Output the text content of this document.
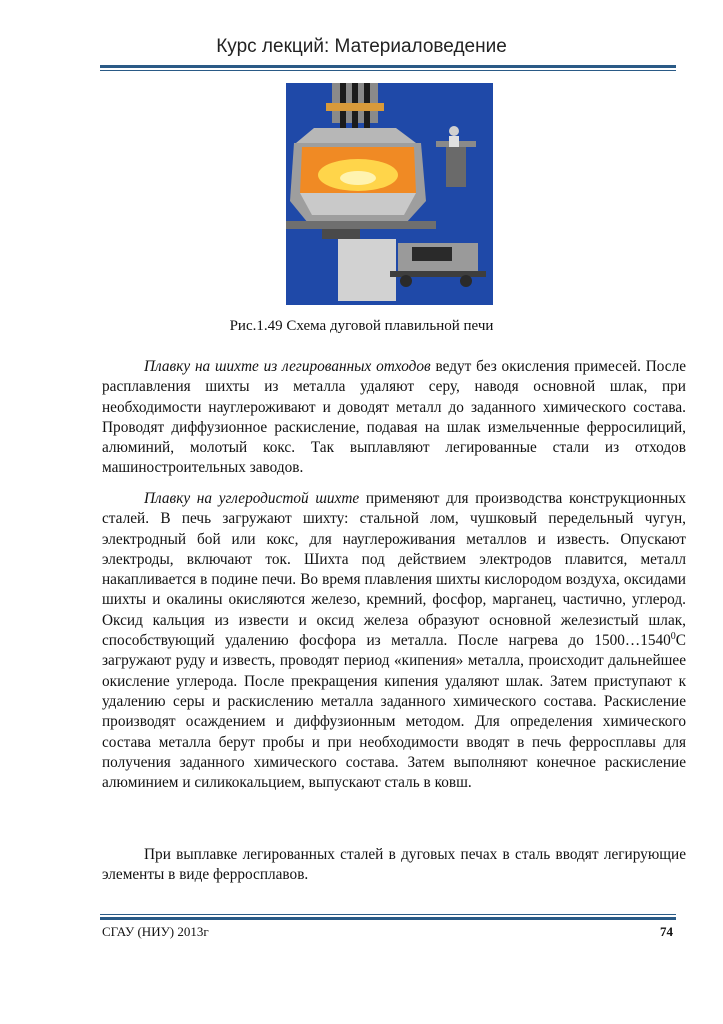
Курс лекций: Материаловедение
Рис.1.49 Схема дуговой плавильной печи

Плавку на шихте из легированных отходов ведут без окисления примесей. После расплавления шихты из металла удаляют серу, наводя основной шлак, при необходимости науглероживают и доводят металл до заданного химического состава. Проводят диффузионное раскисление, подавая на шлак измельченные ферросилиций, алюминий, молотый кокс. Так выплавляют легированные стали из отходов машиностроительных заводов.

Плавку на углеродистой шихте применяют для производства конструкционных сталей. В печь загружают шихту: стальной лом, чушковый передельный чугун, электродный бой или кокс, для науглероживания металлов и известь. Опускают электроды, включают ток. Шихта под действием электродов плавится, металл накапливается в подине печи. Во время плавления шихты кислородом воздуха, оксидами шихты и окалины окисляются железо, кремний, фосфор, марганец, частично, углерод. Оксид кальция из извести и оксид железа образуют основной железистый шлак, способствующий удалению фосфора из металла. После нагрева до 1500…1540$^0$С загружают руду и известь, проводят период «кипения» металла, происходит дальнейшее окисление углерода. После прекращения кипения удаляют шлак. Затем приступают к удалению серы и раскислению металла заданного химического состава. Раскисление производят осаждением и диффузионным методом. Для определения химического состава металла берут пробы и при необходимости вводят в печь ферросплавы для получения заданного химического состава. Затем выполняют конечное раскисление алюминием и силикокальцием, выпускают сталь в ковш.

При выплавке легированных сталей в дуговых печах в сталь вводят легирующие элементы в виде ферросплавов.

СГАУ (НИУ) 2013г	74
